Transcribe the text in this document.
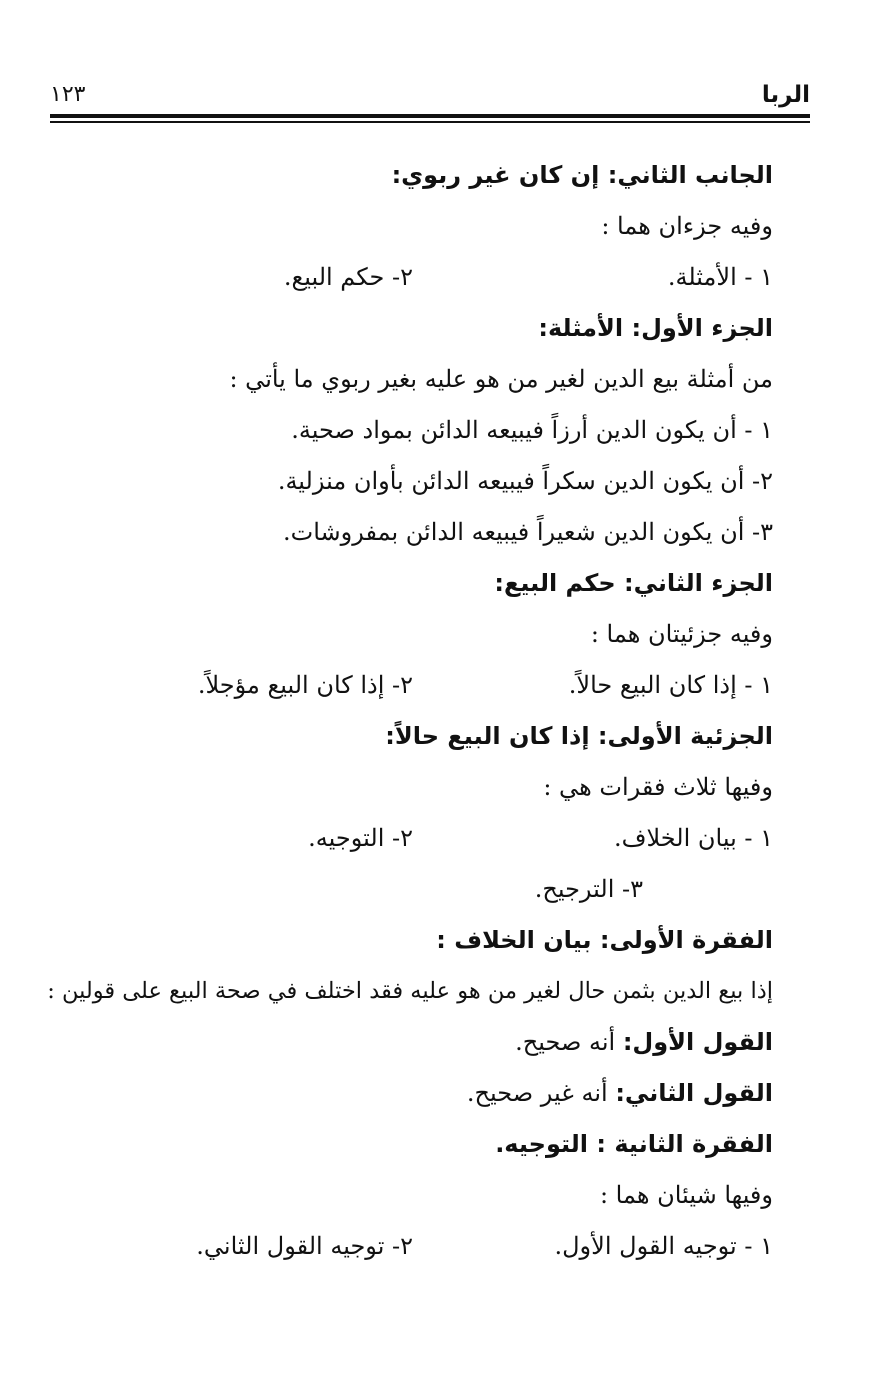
الربا
١٢٣
الجانب الثاني: إن كان غير ربوي:
وفيه جزءان هما :
١ - الأمثلة.
٢- حكم البيع.
الجزء الأول: الأمثلة:
من أمثلة بيع الدين لغير من هو عليه بغير ربوي ما يأتي :
١ - أن يكون الدين أرزاً فيبيعه الدائن بمواد صحية.
٢- أن يكون الدين سكراً فيبيعه الدائن بأوان منزلية.
٣- أن يكون الدين شعيراً فيبيعه الدائن بمفروشات.
الجزء الثاني: حكم البيع:
وفيه جزئيتان هما :
١ - إذا كان البيع حالاً.
٢- إذا كان البيع مؤجلاً.
الجزئية الأولى: إذا كان البيع حالاً:
وفيها ثلاث فقرات هي :
١ - بيان الخلاف.
٢- التوجيه.
٣- الترجيح.
الفقرة الأولى: بيان الخلاف :
إذا بيع الدين بثمن حال لغير من هو عليه فقد اختلف في صحة البيع على قولين :
القول الأول: أنه صحيح.
القول الثاني: أنه غير صحيح.
الفقرة الثانية : التوجيه.
وفيها شيئان هما :
١ - توجيه القول الأول.
٢- توجيه القول الثاني.
